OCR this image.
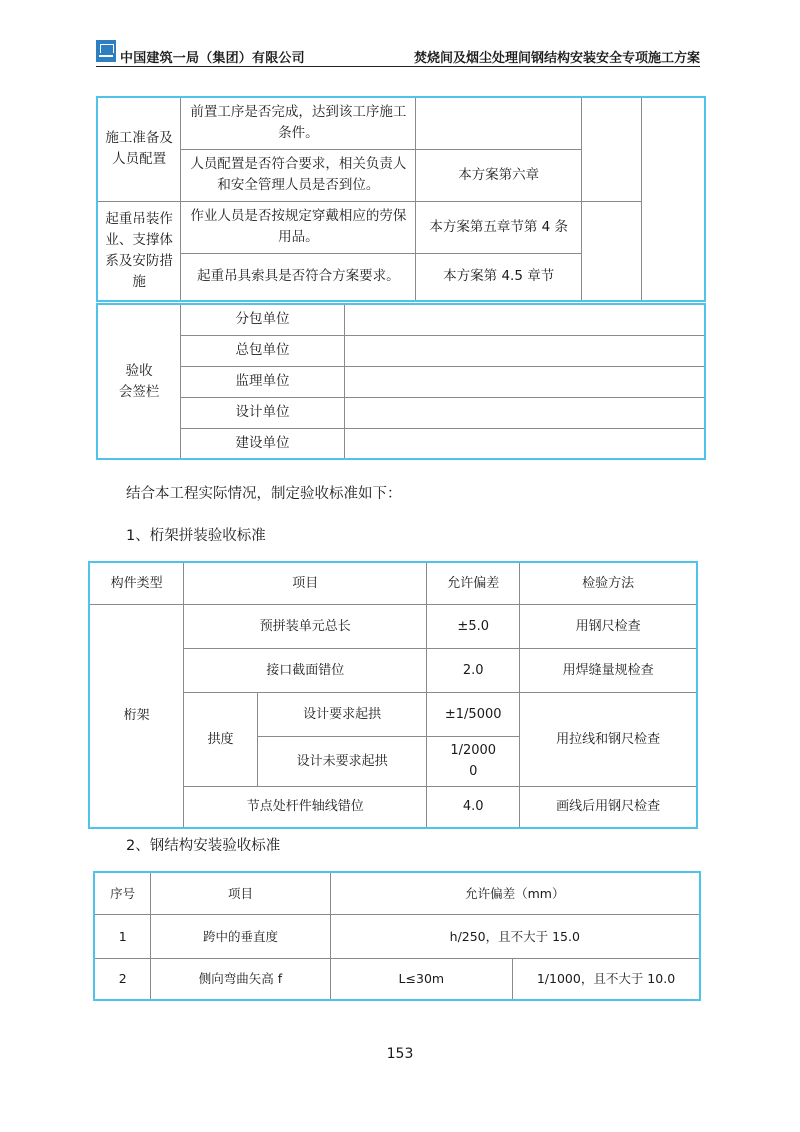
中国建筑一局（集团）有限公司	焚烧间及烟尘处理间钢结构安装安全专项施工方案
施工准备及
人员配置	前置工序是否完成，达到该工序施工
条件。			
	人员配置是否符合要求，相关负责人
和安全管理人员是否到位。	本方案第六章		
起重吊装作
业、支撑体
系及安防措
施	作业人员是否按规定穿戴相应的劳保
用品。	本方案第五章节第 4 条		
	起重吊具索具是否符合方案要求。	本方案第 4.5 章节		
验收
会签栏	分包单位	
	总包单位	
	监理单位	
	设计单位	
	建设单位	
结合本工程实际情况，制定验收标准如下：
1、桁架拼装验收标准
构件类型	项目		允许偏差	检验方法
桁架	预拼装单元总长		±5.0	用钢尺检查
	接口截面错位		2.0	用焊缝量规检查
	拱度	设计要求起拱	±1/5000	用拉线和钢尺检查
		设计未要求起拱	1/2000
0	
	节点处杆件轴线错位		4.0	画线后用钢尺检查
2、钢结构安装验收标准
序号	项目	允许偏差（mm）	
1	跨中的垂直度	h/250，且不大于 15.0	
2	侧向弯曲矢高 f	L≤30m	1/1000，且不大于 10.0
153
